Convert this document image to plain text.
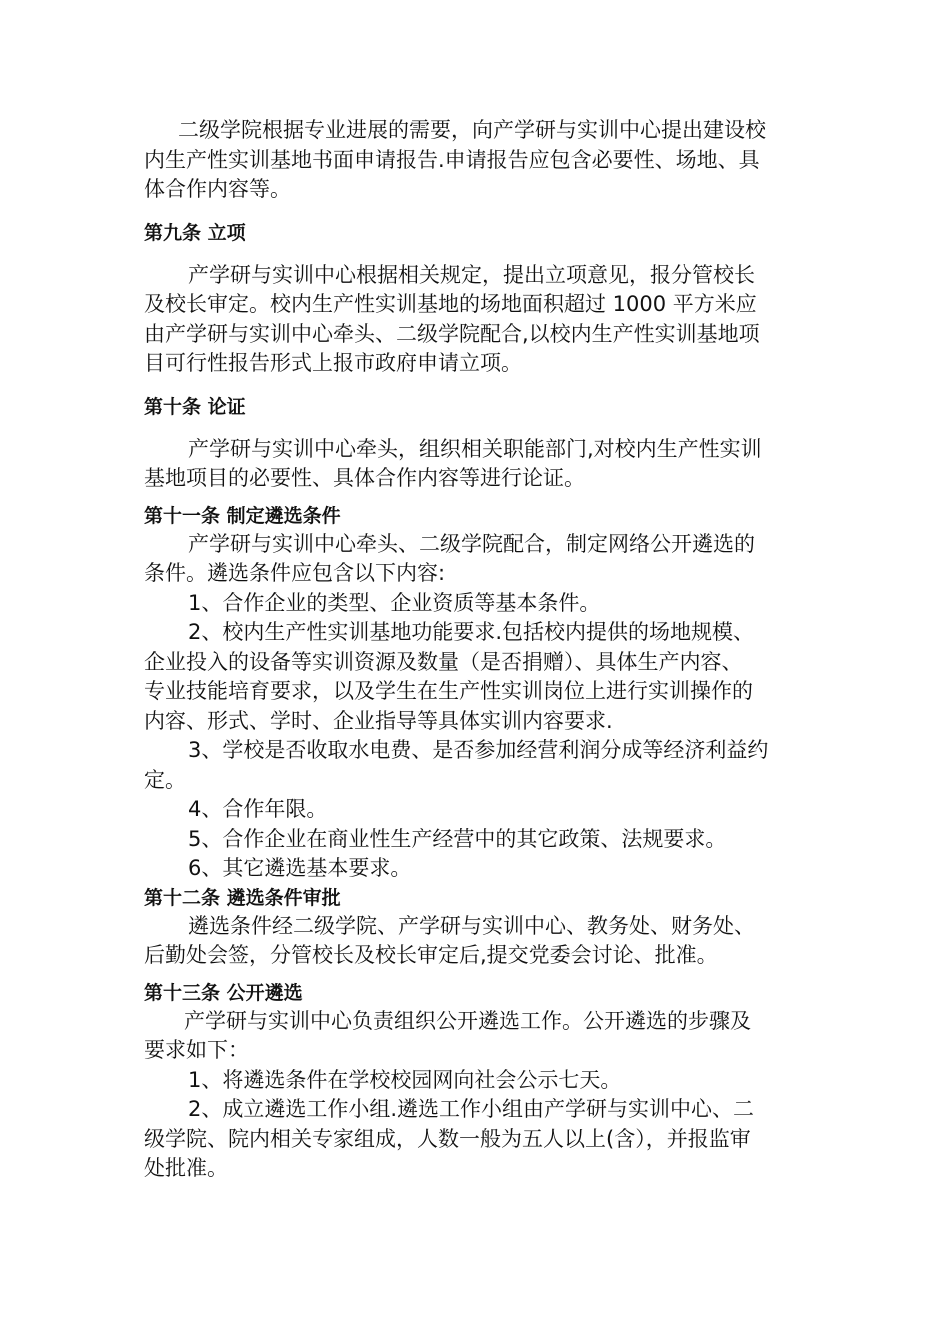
二级学院根据专业进展的需要，向产学研与实训中心提出建设校
内生产性实训基地书面申请报告.申请报告应包含必要性、场地、具
体合作内容等。
第九条 立项
产学研与实训中心根据相关规定，提出立项意见，报分管校长
及校长审定。校内生产性实训基地的场地面积超过 1000 平方米应
由产学研与实训中心牵头、二级学院配合,以校内生产性实训基地项
目可行性报告形式上报市政府申请立项。
第十条 论证
产学研与实训中心牵头，组织相关职能部门,对校内生产性实训
基地项目的必要性、具体合作内容等进行论证。
第十一条 制定遴选条件
产学研与实训中心牵头、二级学院配合，制定网络公开遴选的
条件。遴选条件应包含以下内容:
1、合作企业的类型、企业资质等基本条件。
2、校内生产性实训基地功能要求.包括校内提供的场地规模、
企业投入的设备等实训资源及数量（是否捐赠）、具体生产内容、
专业技能培育要求，以及学生在生产性实训岗位上进行实训操作的
内容、形式、学时、企业指导等具体实训内容要求.
3、学校是否收取水电费、是否参加经营利润分成等经济利益约
定。
4、合作年限。
5、合作企业在商业性生产经营中的其它政策、法规要求。
6、其它遴选基本要求。
第十二条 遴选条件审批
遴选条件经二级学院、产学研与实训中心、教务处、财务处、
后勤处会签，分管校长及校长审定后,提交党委会讨论、批准。
第十三条 公开遴选
产学研与实训中心负责组织公开遴选工作。公开遴选的步骤及
要求如下：
1、将遴选条件在学校校园网向社会公示七天。
2、成立遴选工作小组.遴选工作小组由产学研与实训中心、二
级学院、院内相关专家组成，人数一般为五人以上(含），并报监审
处批准。
